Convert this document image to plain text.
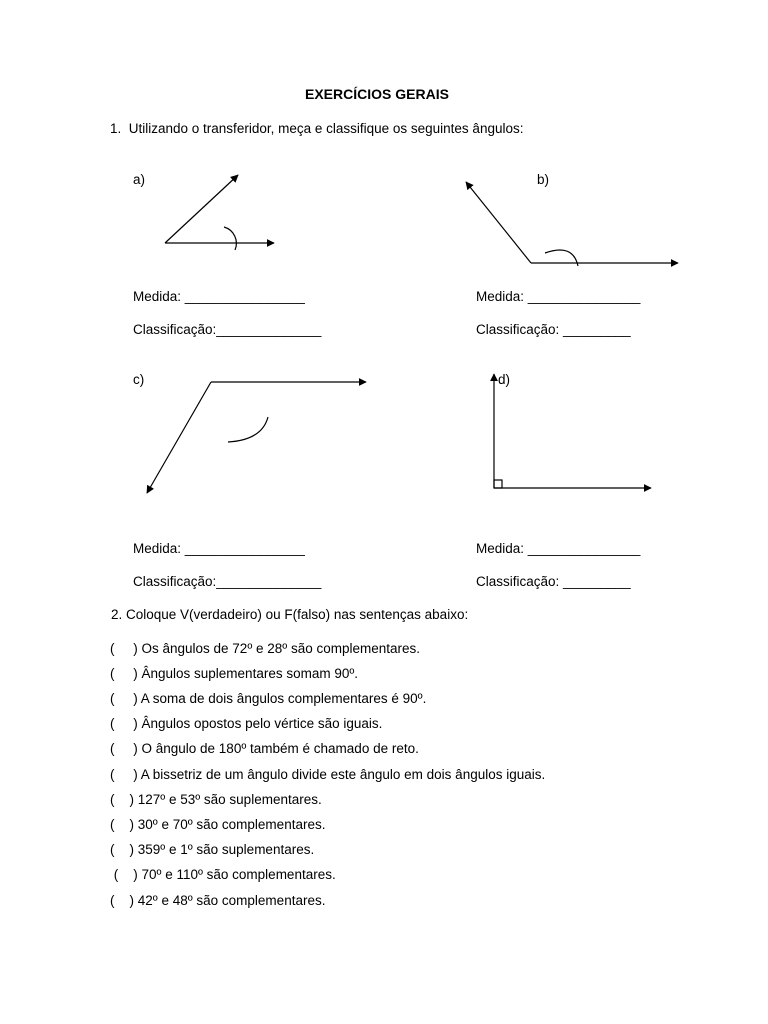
EXERCÍCIOS GERAIS
1.  Utilizando o transferidor, meça e classifique os seguintes ângulos:
a)	b)
Medida: ________________	Medida: _______________
Classificação:______________	Classificação: _________
c)	d)
Medida: ________________	Medida: _______________
Classificação:______________	Classificação: _________
2. Coloque V(verdadeiro) ou F(falso) nas sentenças abaixo:
(     ) Os ângulos de 72º e 28º são complementares.
(     ) Ângulos suplementares somam 90º.
(     ) A soma de dois ângulos complementares é 90º.
(     ) Ângulos opostos pelo vértice são iguais.
(     ) O ângulo de 180º também é chamado de reto.
(     ) A bissetriz de um ângulo divide este ângulo em dois ângulos iguais.
(    ) 127º e 53º são suplementares.
(    ) 30º e 70º são complementares.
(    ) 359º e 1º são suplementares.
(    ) 70º e 110º são complementares.
(    ) 42º e 48º são complementares.
